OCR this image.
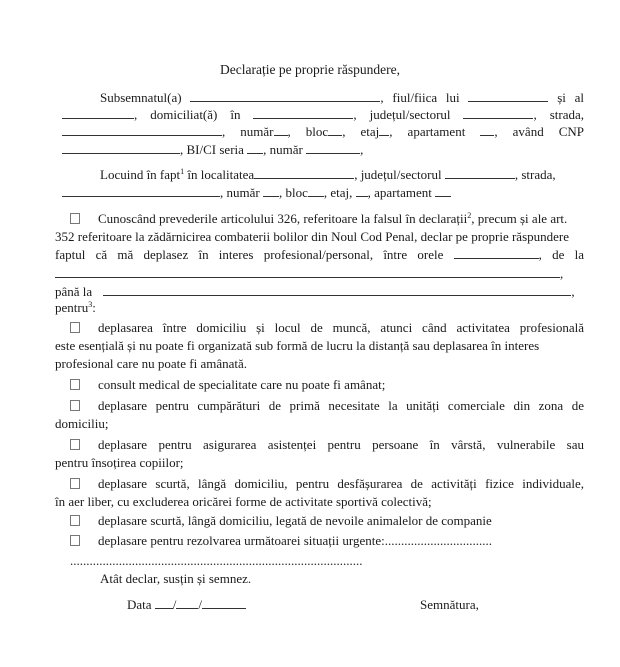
Declarație pe proprie răspundere,
Subsemnatul(a)	, fiul/fiica lui	și al
, domiciliat(ă) în	, județul/sectorul	, strada,
, număr , bloc , etaj , apartament , având CNP
, BI/CI seria , număr	,
Locuind în fapt$^1$ în localitatea	, județul/sectorul	, strada,
, număr , bloc , etaj, , apartament
Cunoscând prevederile articolului 326, referitoare la falsul în declarații$^2$, precum și ale art.
352 referitoare la zădărnicirea combaterii bolilor din Noul Cod Penal, declar pe proprie răspundere
faptul că mă deplasez în interes profesional/personal, între orele	, de la
,
până la	,
pentru$^3$:
deplasarea între domiciliu și locul de muncă, atunci când activitatea profesională
este esențială și nu poate fi organizată sub formă de lucru la distanță sau deplasarea în interes
profesional care nu poate fi amânată.
consult medical de specialitate care nu poate fi amânat;
deplasare pentru cumpărături de primă necesitate la unități comerciale din zona de
domiciliu;
deplasare pentru asigurarea asistenței pentru persoane în vârstă, vulnerabile sau
pentru însoțirea copiilor;
deplasare scurtă, lângă domiciliu, pentru desfășurarea de activități fizice individuale,
în aer liber, cu excluderea oricărei forme de activitate sportivă colectivă;
deplasare scurtă, lângă domiciliu, legată de nevoile animalelor de companie
deplasare pentru rezolvarea următoarei situații urgente:.................................
..........................................................................................
Atât declar, susțin și semnez.
Data / /	Semnătura,
